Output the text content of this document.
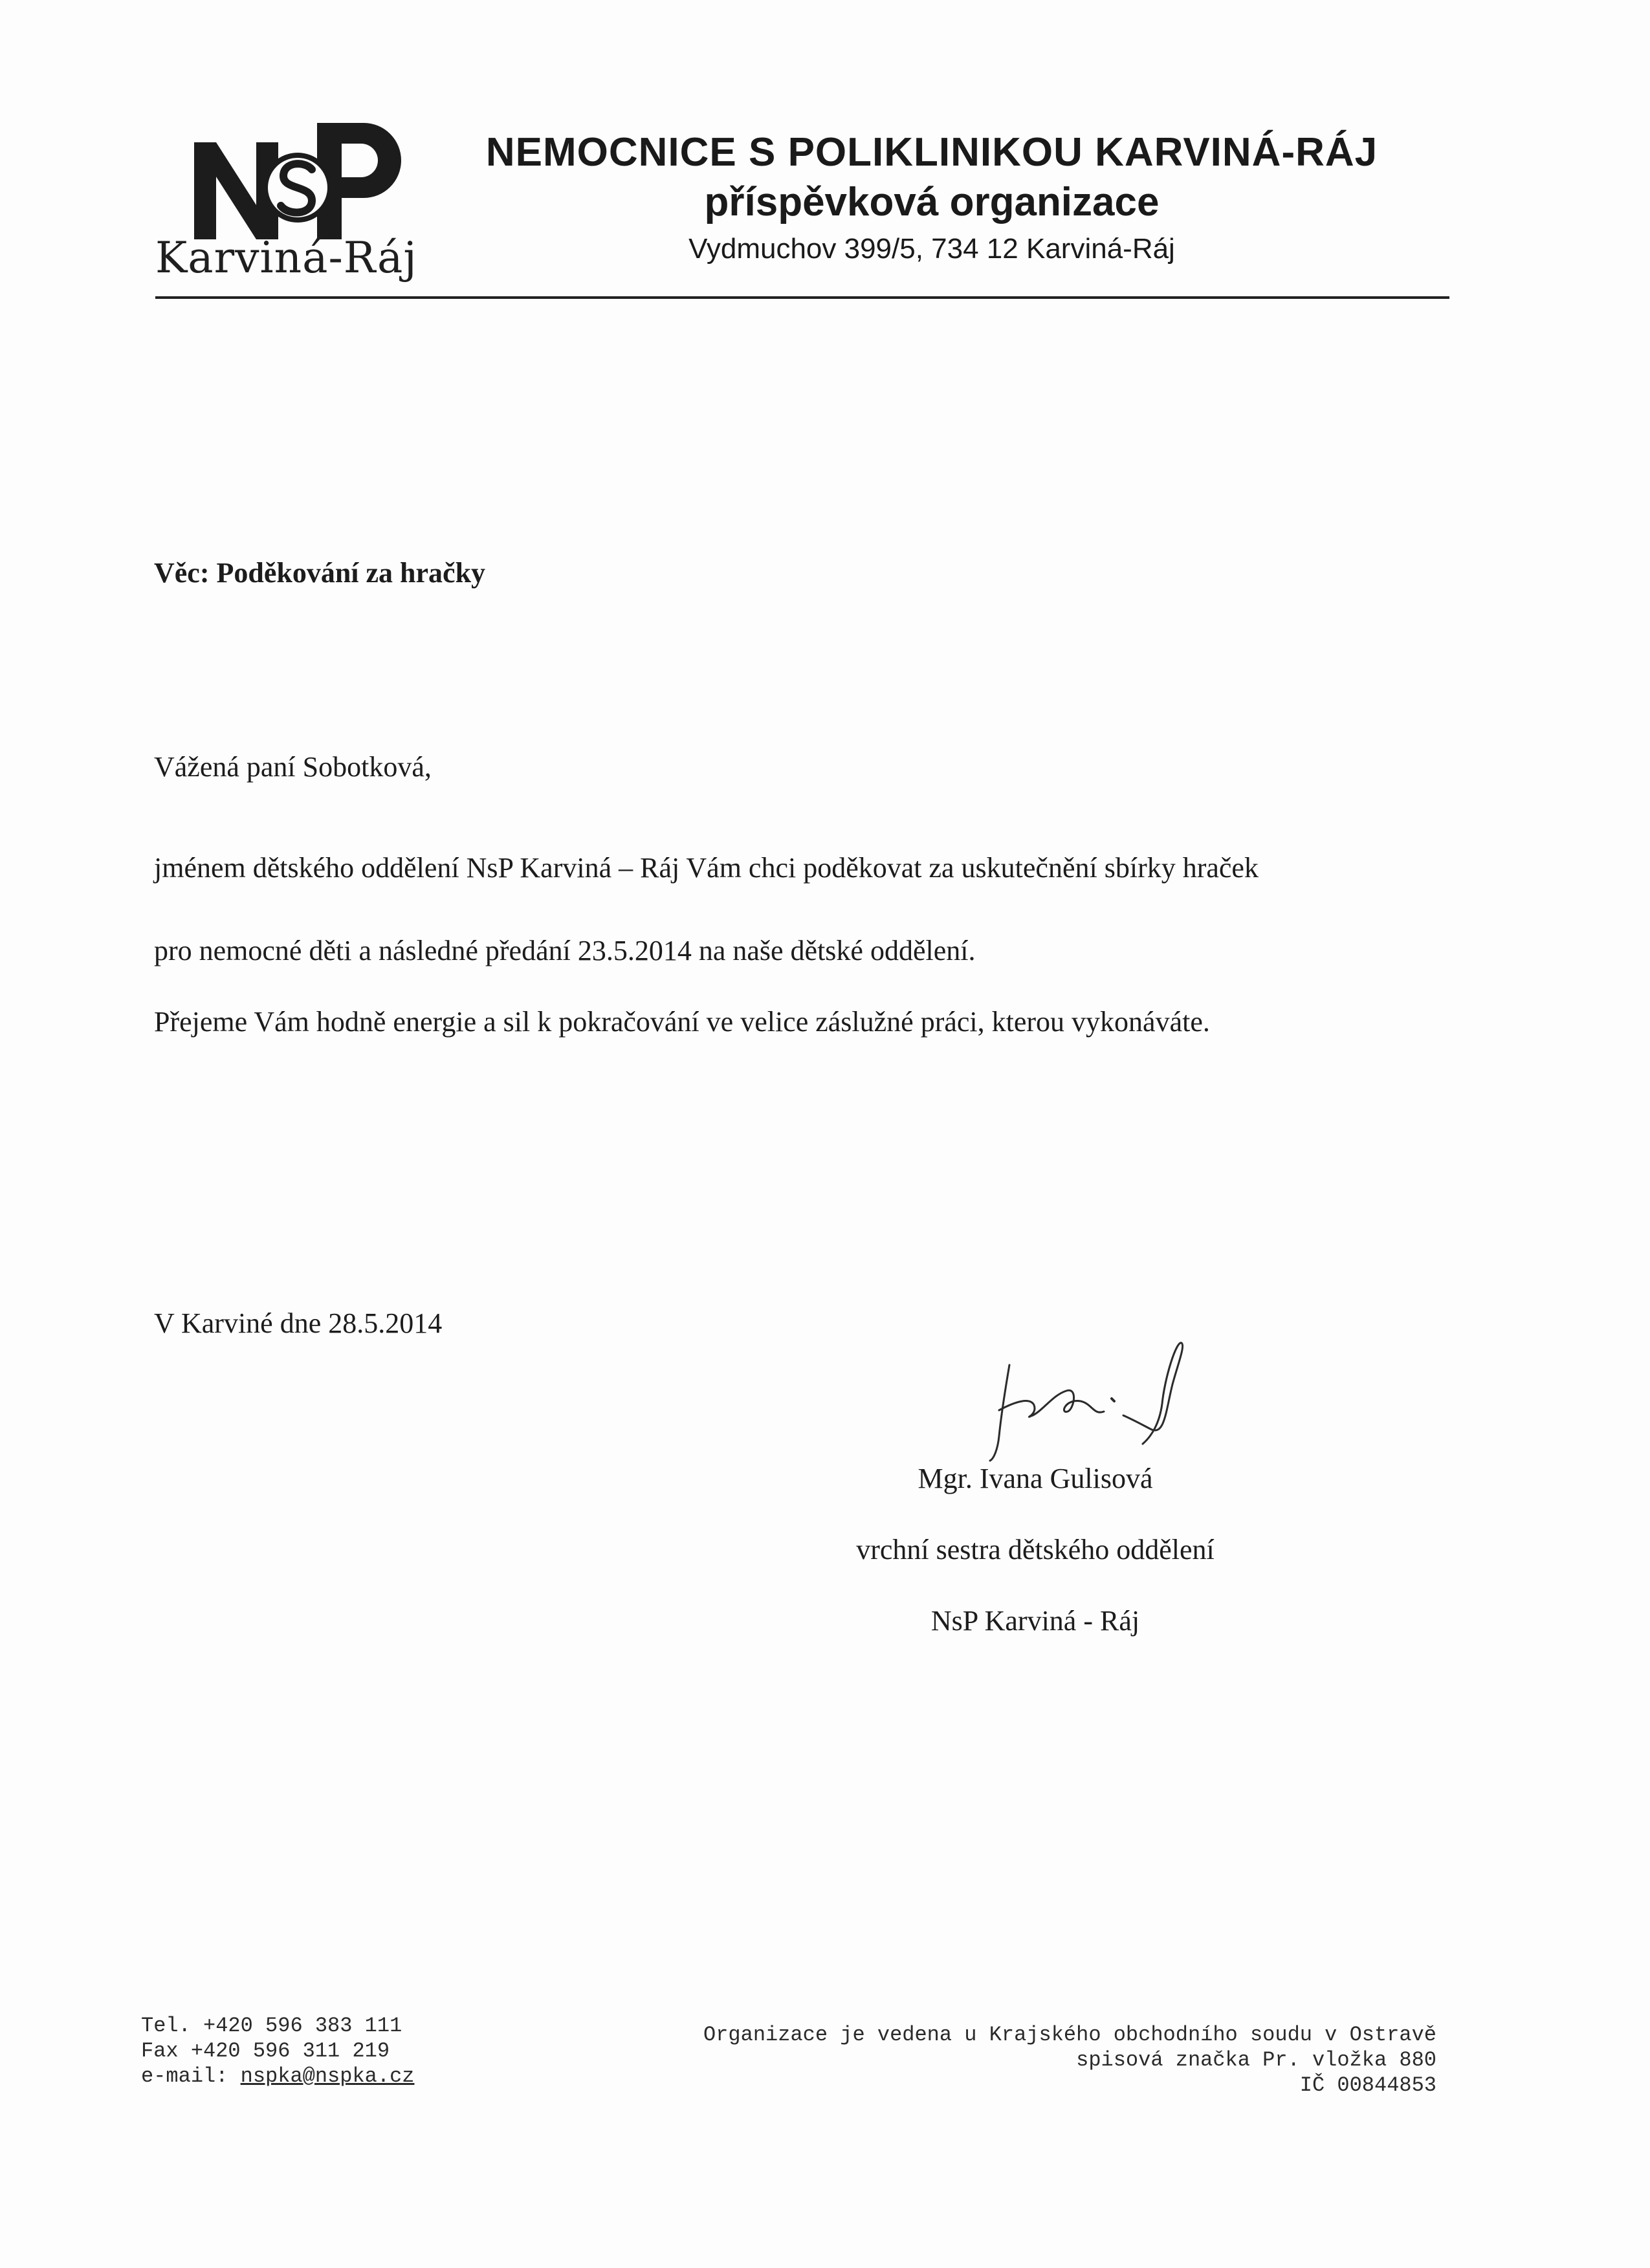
Karviná-Ráj
NEMOCNICE S POLIKLINIKOU KARVINÁ-RÁJ
příspěvková organizace
Vydmuchov 399/5, 734 12 Karviná-Ráj
Věc: Poděkování za hračky
Vážená paní Sobotková,
jménem dětského oddělení NsP Karviná – Ráj Vám chci poděkovat za uskutečnění sbírky hraček
pro nemocné děti a následné předání 23.5.2014 na naše dětské oddělení.
Přejeme Vám hodně energie a sil k pokračování ve velice záslužné práci, kterou vykonáváte.
V Karviné dne 28.5.2014
Mgr. Ivana Gulisová
vrchní sestra dětského oddělení
NsP Karviná - Ráj
Tel. +420 596 383 111
Fax +420 596 311 219
e-mail: nspka@nspka.cz
Organizace je vedena u Krajského obchodního soudu v Ostravě
spisová značka Pr. vložka 880
IČ 00844853
